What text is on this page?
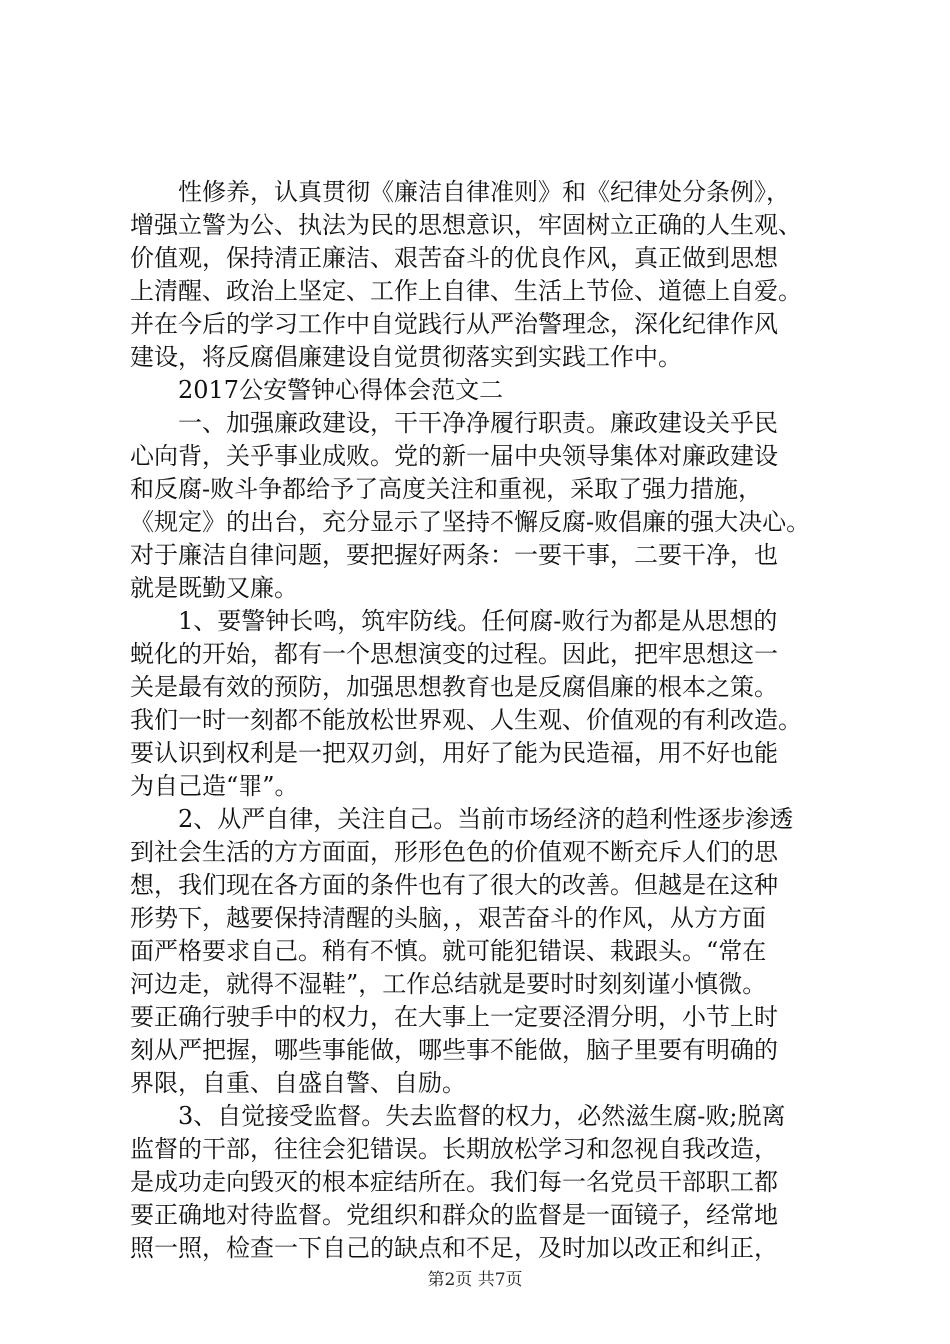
性修养，认真贯彻《廉洁自律准则》和《纪律处分条例》，
增强立警为公、执法为民的思想意识，牢固树立正确的人生观、
价值观，保持清正廉洁、艰苦奋斗的优良作风，真正做到思想
上清醒、政治上坚定、工作上自律、生活上节俭、道德上自爱。
并在今后的学习工作中自觉践行从严治警理念，深化纪律作风
建设，将反腐倡廉建设自觉贯彻落实到实践工作中。
2017公安警钟心得体会范文二
一、加强廉政建设，干干净净履行职责。廉政建设关乎民
心向背，关乎事业成败。党的新一届中央领导集体对廉政建设
和反腐-败斗争都给予了高度关注和重视，采取了强力措施，
《规定》的出台，充分显示了坚持不懈反腐-败倡廉的强大决心。
对于廉洁自律问题，要把握好两条：一要干事，二要干净，也
就是既勤又廉。
1、要警钟长鸣，筑牢防线。任何腐-败行为都是从思想的
蜕化的开始，都有一个思想演变的过程。因此，把牢思想这一
关是最有效的预防，加强思想教育也是反腐倡廉的根本之策。
我们一时一刻都不能放松世界观、人生观、价值观的有利改造。
要认识到权利是一把双刃剑，用好了能为民造福，用不好也能
为自己造“罪”。
2、从严自律，关注自己。当前市场经济的趋利性逐步渗透
到社会生活的方方面面，形形色色的价值观不断充斥人们的思
想，我们现在各方面的条件也有了很大的改善。但越是在这种
形势下，越要保持清醒的头脑，，艰苦奋斗的作风，从方方面
面严格要求自己。稍有不慎。就可能犯错误、栽跟头。“常在
河边走，就得不湿鞋”，工作总结就是要时时刻刻谨小慎微。
要正确行驶手中的权力，在大事上一定要泾渭分明，小节上时
刻从严把握，哪些事能做，哪些事不能做，脑子里要有明确的
界限，自重、自盛自警、自励。
3、自觉接受监督。失去监督的权力，必然滋生腐-败;脱离
监督的干部，往往会犯错误。长期放松学习和忽视自我改造，
是成功走向毁灭的根本症结所在。我们每一名党员干部职工都
要正确地对待监督。党组织和群众的监督是一面镜子，经常地
照一照，检查一下自己的缺点和不足，及时加以改正和纠正，
第2页 共7页
